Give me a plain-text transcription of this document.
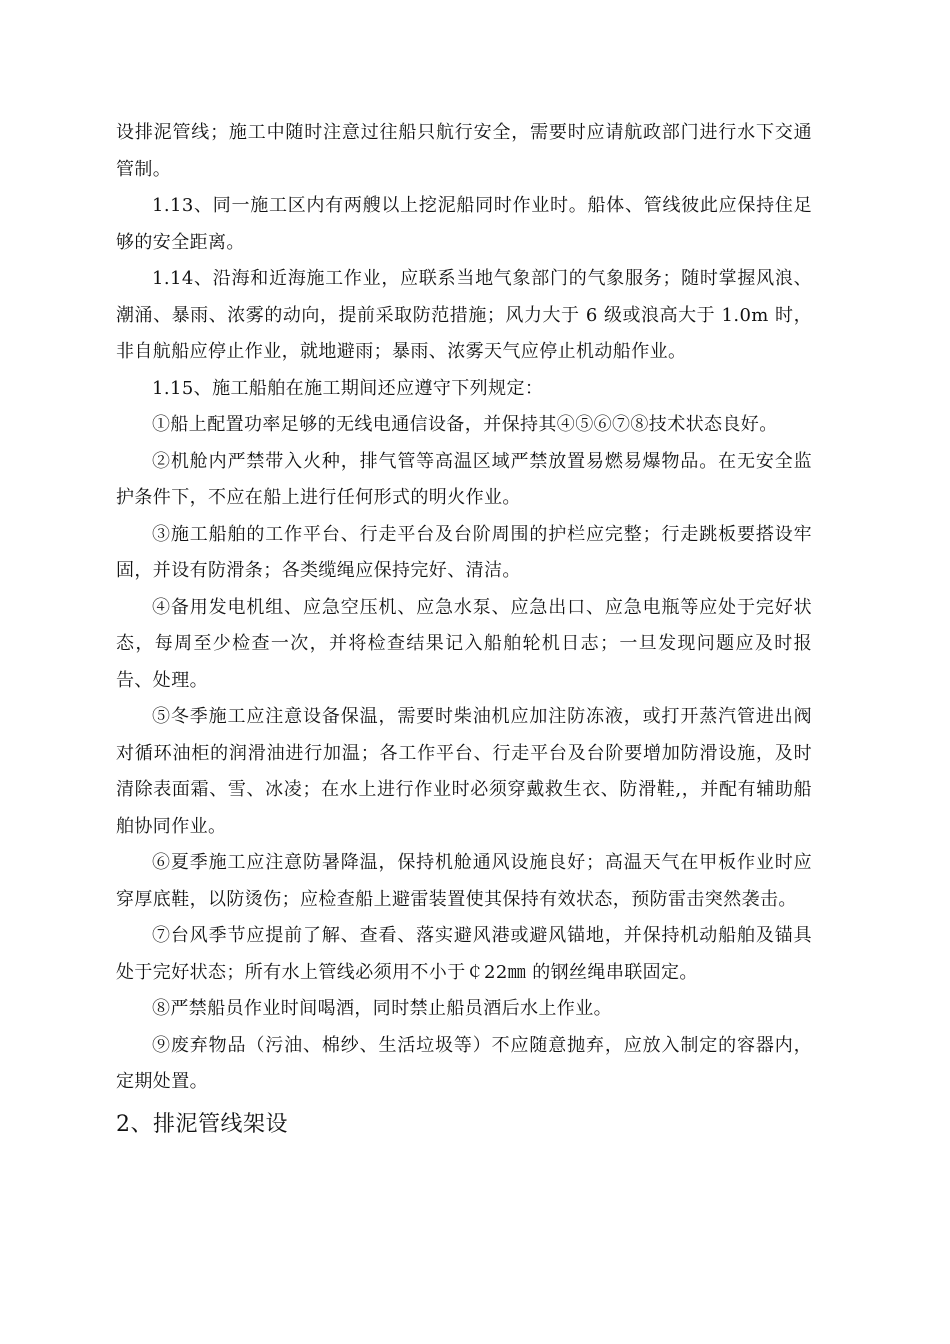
设排泥管线；施工中随时注意过往船只航行安全，需要时应请航政部门进行水下交通管制。

1.13、同一施工区内有两艘以上挖泥船同时作业时。船体、管线彼此应保持住足够的安全距离。

1.14、沿海和近海施工作业，应联系当地气象部门的气象服务；随时掌握风浪、潮涌、暴雨、浓雾的动向，提前采取防范措施；风力大于 6 级或浪高大于 1.0m 时，非自航船应停止作业，就地避雨；暴雨、浓雾天气应停止机动船作业。

1.15、施工船舶在施工期间还应遵守下列规定：

①船上配置功率足够的无线电通信设备，并保持其④⑤⑥⑦⑧技术状态良好。

②机舱内严禁带入火种，排气管等高温区域严禁放置易燃易爆物品。在无安全监护条件下，不应在船上进行任何形式的明火作业。

③施工船舶的工作平台、行走平台及台阶周围的护栏应完整；行走跳板要搭设牢固，并设有防滑条；各类缆绳应保持完好、清洁。

④备用发电机组、应急空压机、应急水泵、应急出口、应急电瓶等应处于完好状态，每周至少检查一次，并将检查结果记入船舶轮机日志；一旦发现问题应及时报告、处理。

⑤冬季施工应注意设备保温，需要时柴油机应加注防冻液，或打开蒸汽管进出阀对循环油柜的润滑油进行加温；各工作平台、行走平台及台阶要增加防滑设施，及时清除表面霜、雪、冰凌；在水上进行作业时必须穿戴救生衣、防滑鞋,，并配有辅助船舶协同作业。

⑥夏季施工应注意防暑降温，保持机舱通风设施良好；高温天气在甲板作业时应穿厚底鞋，以防烫伤；应检查船上避雷装置使其保持有效状态，预防雷击突然袭击。

⑦台风季节应提前了解、查看、落实避风港或避风锚地，并保持机动船舶及锚具处于完好状态；所有水上管线必须用不小于￠22㎜ 的钢丝绳串联固定。

⑧严禁船员作业时间喝酒，同时禁止船员酒后水上作业。

⑨废弃物品（污油、棉纱、生活垃圾等）不应随意抛弃，应放入制定的容器内，定期处置。

2、排泥管线架设
